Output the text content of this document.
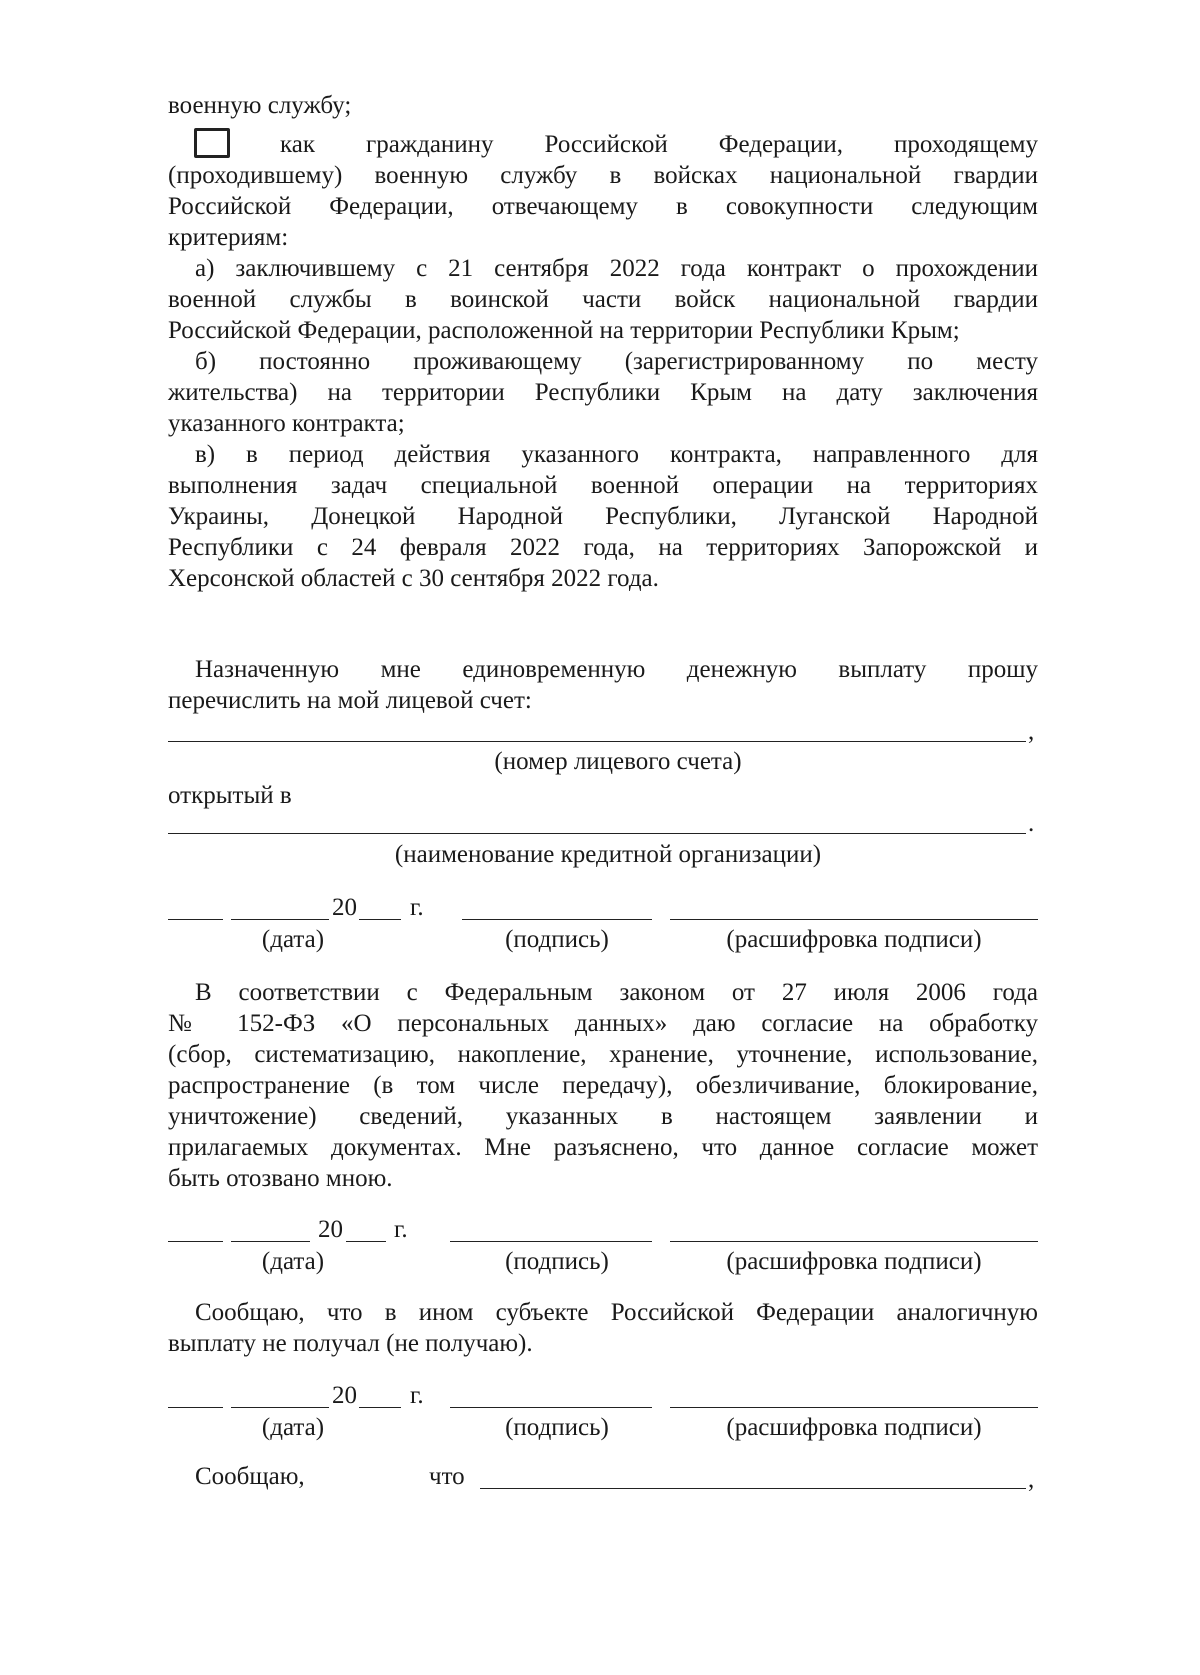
военную службу;
как гражданину Российской Федерации, проходящему
(проходившему) военную службу в войсках национальной гвардии
Российской Федерации, отвечающему в совокупности следующим
критериям:
а) заключившему с 21 сентября 2022 года контракт о прохождении
военной службы в воинской части войск национальной гвардии
Российской Федерации, расположенной на территории Республики Крым;
б) постоянно проживающему (зарегистрированному по месту
жительства) на территории Республики Крым на дату заключения
указанного контракта;
в) в период действия указанного контракта, направленного для
выполнения задач специальной военной операции на территориях
Украины, Донецкой Народной Республики, Луганской Народной
Республики с 24 февраля 2022 года, на территориях Запорожской и
Херсонской областей с 30 сентября 2022 года.
Назначенную мне единовременную денежную выплату прошу
перечислить на мой лицевой счет:
,
(номер лицевого счета)
открытый в
.
(наименование кредитной организации)
20 г.
(дата)	(подпись)	(расшифровка подписи)
В соответствии с Федеральным законом от 27 июля 2006 года
№ 152-ФЗ «О персональных данных» даю согласие на обработку
(сбор, систематизацию, накопление, хранение, уточнение, использование,
распространение (в том числе передачу), обезличивание, блокирование,
уничтожение) сведений, указанных в настоящем заявлении и
прилагаемых документах. Мне разъяснено, что данное согласие может
быть отозвано мною.
20 г.
(дата)	(подпись)	(расшифровка подписи)
Сообщаю, что в ином субъекте Российской Федерации аналогичную
выплату не получал (не получаю).
20 г.
(дата)	(подпись)	(расшифровка подписи)
Сообщаю,	что	,
